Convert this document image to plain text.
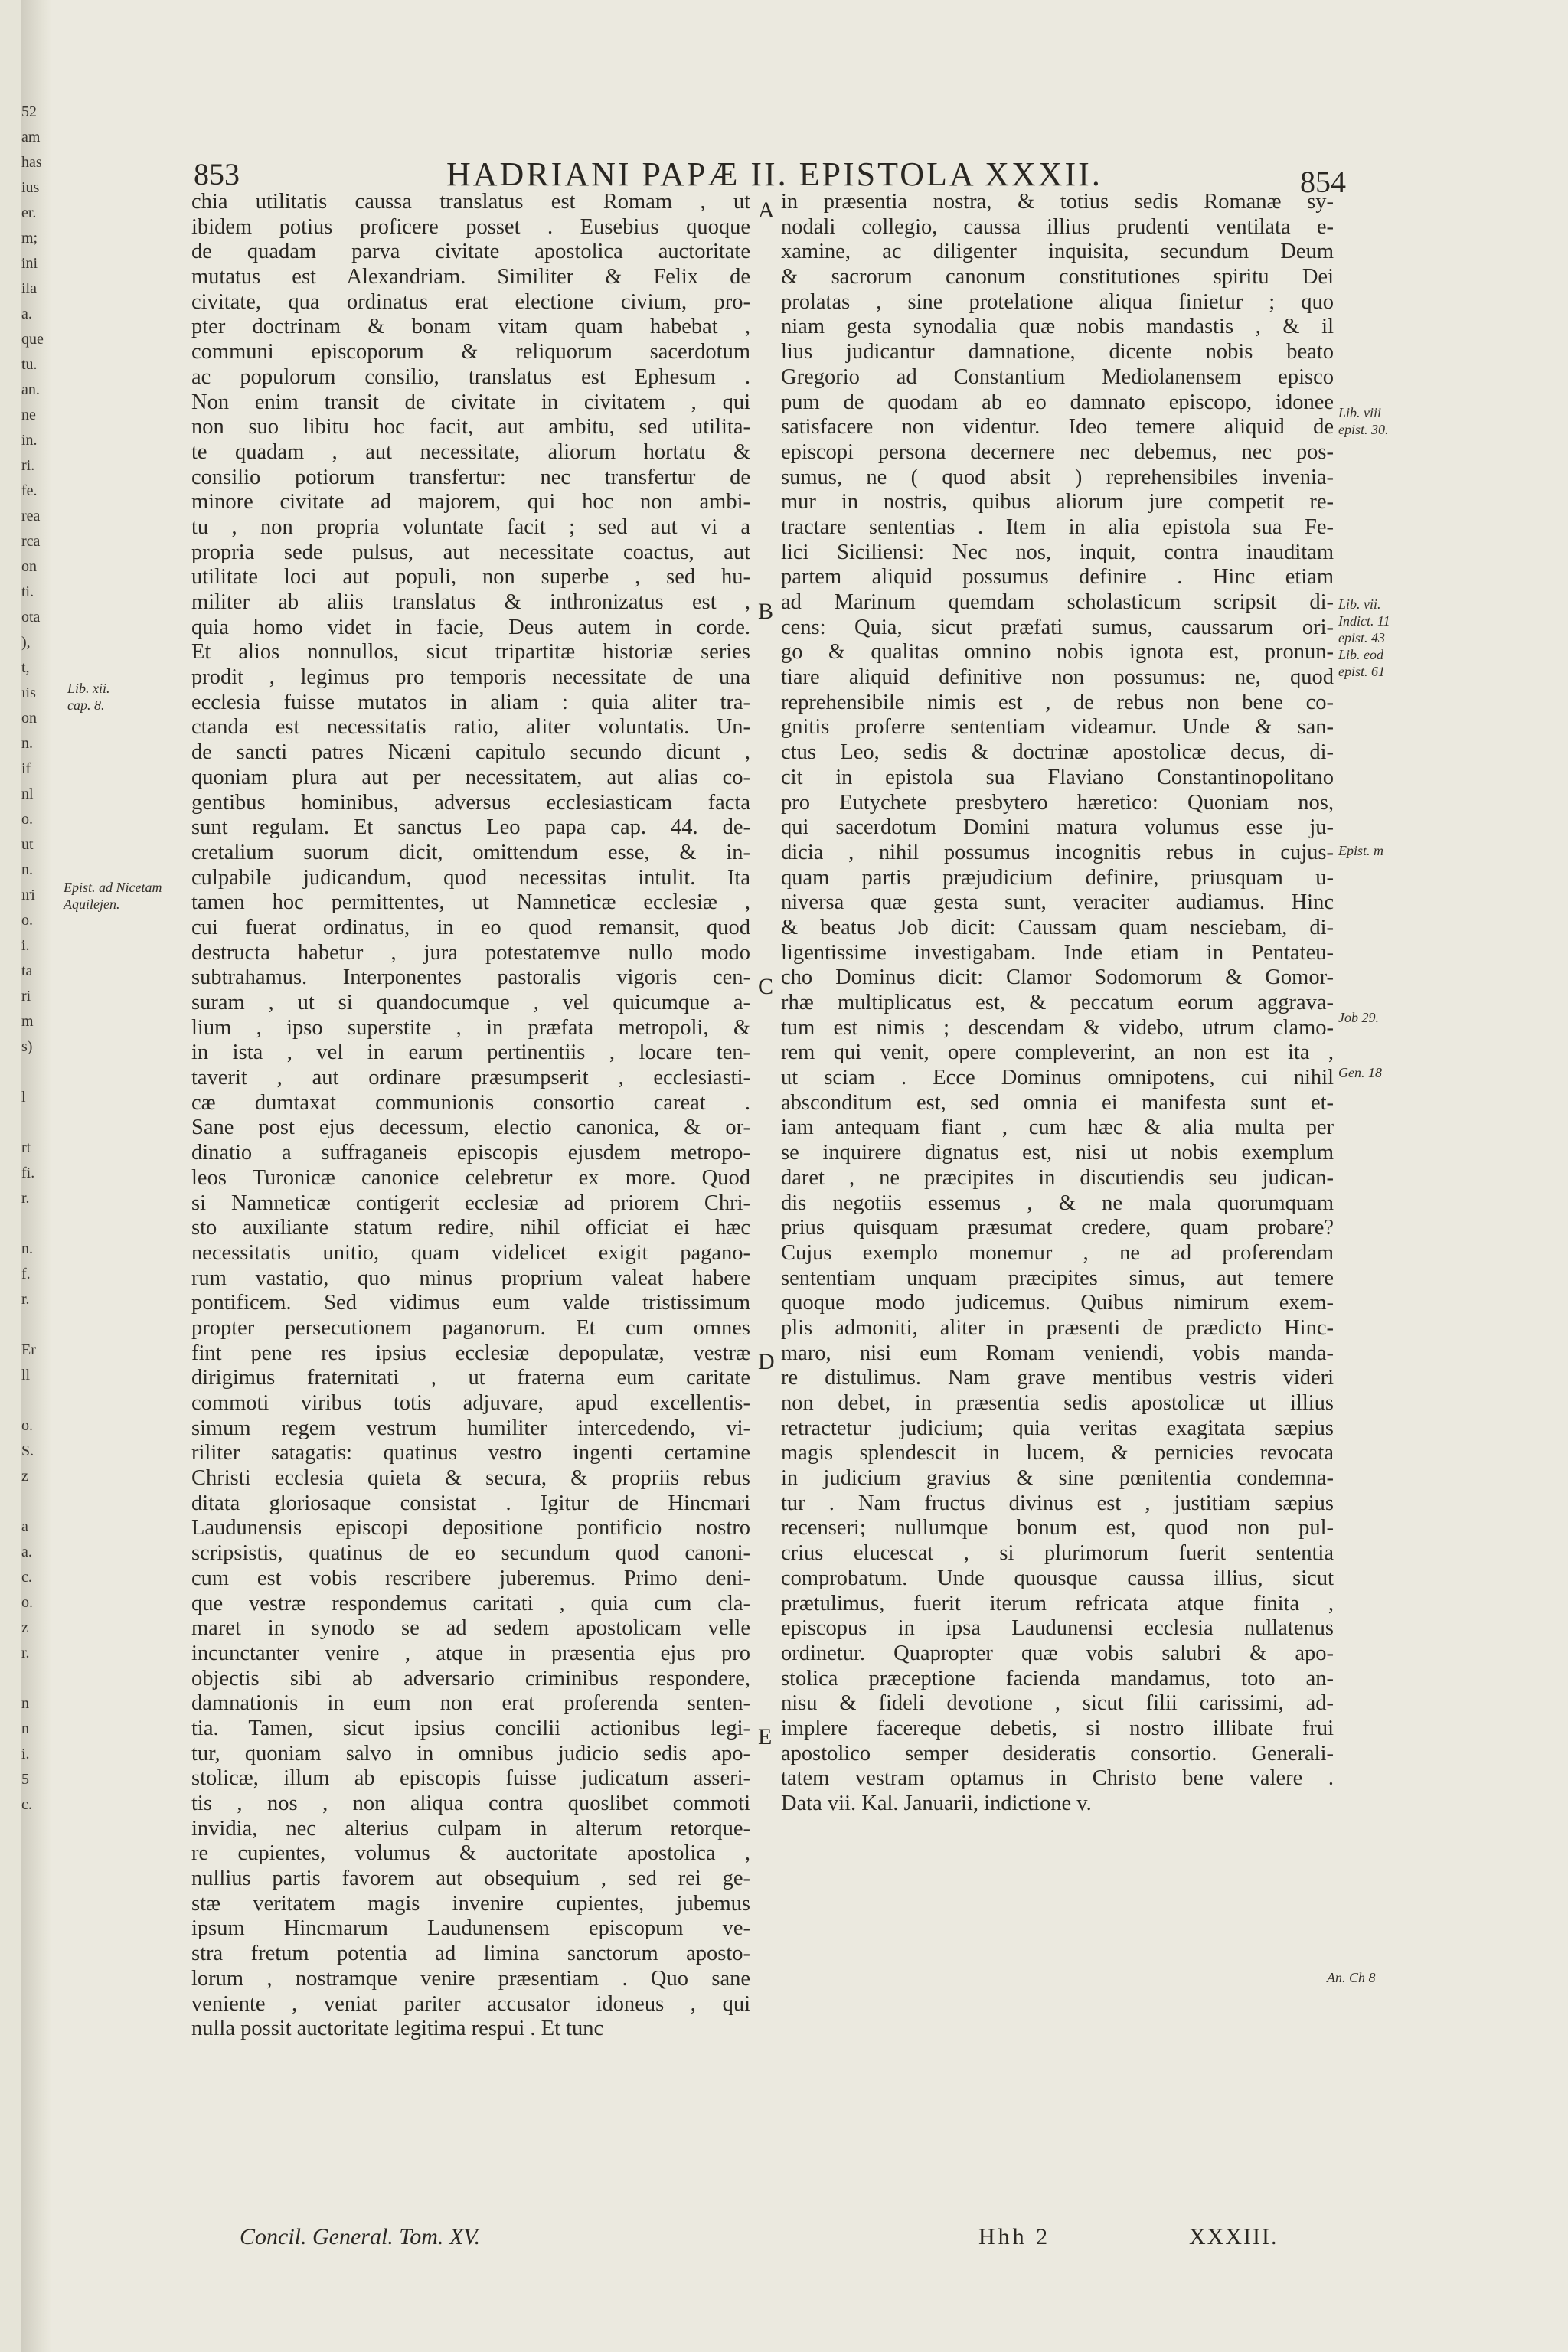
52
am
has
ius
er.
m;
ini
ila
a.
que
tu.
an.
ne
in.
ri.
fe.
rea
rca
on
ti.
ota
),
t,
ıis
on
n.
if
nl
o.
ut
n.
ıri
o.
i.
ta
ri
m
s)
l
rt
fi.
r.
n.
f.
r.
Er
ll
o.
S.
z
a
a.
c.
o.
z
r.
n
n
i.
5
c.
853	HADRIANI PAPÆ II. EPISTOLA XXXII.	854
chia utilitatis caussa translatus est Romam , ut
ibidem potius proficere posset . Eusebius quoque
de quadam parva civitate apostolica auctoritate
mutatus est Alexandriam. Similiter & Felix de
civitate, qua ordinatus erat electione civium, pro-
pter doctrinam & bonam vitam quam habebat ,
communi episcoporum & reliquorum sacerdotum
ac populorum consilio, translatus est Ephesum .
Non enim transit de civitate in civitatem , qui
non suo libitu hoc facit, aut ambitu, sed utilita-
te quadam , aut necessitate, aliorum hortatu &
consilio potiorum transfertur: nec transfertur de
minore civitate ad majorem, qui hoc non ambi-
tu , non propria voluntate facit ; sed aut vi a
propria sede pulsus, aut necessitate coactus, aut
utilitate loci aut populi, non superbe , sed hu-
militer ab aliis translatus & inthronizatus est ,
quia homo videt in facie, Deus autem in corde.
Et alios nonnullos, sicut tripartitæ historiæ series
prodit , legimus pro temporis necessitate de una
ecclesia fuisse mutatos in aliam : quia aliter tra-
ctanda est necessitatis ratio, aliter voluntatis. Un-
de sancti patres Nicæni capitulo secundo dicunt ,
quoniam plura aut per necessitatem, aut alias co-
gentibus hominibus, adversus ecclesiasticam facta
sunt regulam. Et sanctus Leo papa cap. 44. de-
cretalium suorum dicit, omittendum esse, & in-
culpabile judicandum, quod necessitas intulit. Ita
tamen hoc permittentes, ut Namneticæ ecclesiæ ,
cui fuerat ordinatus, in eo quod remansit, quod
destructa habetur , jura potestatemve nullo modo
subtrahamus. Interponentes pastoralis vigoris cen-
suram , ut si quandocumque , vel quicumque a-
lium , ipso superstite , in præfata metropoli, &
in ista , vel in earum pertinentiis , locare ten-
taverit , aut ordinare præsumpserit , ecclesiasti-
cæ dumtaxat communionis consortio careat .
Sane post ejus decessum, electio canonica, & or-
dinatio a suffraganeis episcopis ejusdem metropo-
leos Turonicæ canonice celebretur ex more. Quod
si Namneticæ contigerit ecclesiæ ad priorem Chri-
sto auxiliante statum redire, nihil officiat ei hæc
necessitatis unitio, quam videlicet exigit pagano-
rum vastatio, quo minus proprium valeat habere
pontificem. Sed vidimus eum valde tristissimum
propter persecutionem paganorum. Et cum omnes
fint pene res ipsius ecclesiæ depopulatæ, vestræ
dirigimus fraternitati , ut fraterna eum caritate
commoti viribus totis adjuvare, apud excellentis-
simum regem vestrum humiliter intercedendo, vi-
riliter satagatis: quatinus vestro ingenti certamine
Christi ecclesia quieta & secura, & propriis rebus
ditata gloriosaque consistat . Igitur de Hincmari
Laudunensis episcopi depositione pontificio nostro
scripsistis, quatinus de eo secundum quod canoni-
cum est vobis rescribere juberemus. Primo deni-
que vestræ respondemus caritati , quia cum cla-
maret in synodo se ad sedem apostolicam velle
incunctanter venire , atque in præsentia ejus pro
objectis sibi ab adversario criminibus respondere,
damnationis in eum non erat proferenda senten-
tia. Tamen, sicut ipsius concilii actionibus legi-
tur, quoniam salvo in omnibus judicio sedis apo-
stolicæ, illum ab episcopis fuisse judicatum asseri-
tis , nos , non aliqua contra quoslibet commoti
invidia, nec alterius culpam in alterum retorque-
re cupientes, volumus & auctoritate apostolica ,
nullius partis favorem aut obsequium , sed rei ge-
stæ veritatem magis invenire cupientes, jubemus
ipsum Hincmarum Laudunensem episcopum ve-
stra fretum potentia ad limina sanctorum aposto-
lorum , nostramque venire præsentiam . Quo sane
veniente , veniat pariter accusator idoneus , qui
nulla possit auctoritate legitima respui . Et tunc
in præsentia nostra, & totius sedis Romanæ sy-
nodali collegio, caussa illius prudenti ventilata e-
xamine, ac diligenter inquisita, secundum Deum
& sacrorum canonum constitutiones spiritu Dei
prolatas , sine protelatione aliqua finietur ; quo
niam gesta synodalia quæ nobis mandastis , & il
lius judicantur damnatione, dicente nobis beato
Gregorio ad Constantium Mediolanensem episco
pum de quodam ab eo damnato episcopo, idonee
satisfacere non videntur. Ideo temere aliquid de
episcopi persona decernere nec debemus, nec pos-
sumus, ne ( quod absit ) reprehensibiles invenia-
mur in nostris, quibus aliorum jure competit re-
tractare sententias . Item in alia epistola sua Fe-
lici Siciliensi: Nec nos, inquit, contra inauditam
partem aliquid possumus definire . Hinc etiam
ad Marinum quemdam scholasticum scripsit di-
cens: Quia, sicut præfati sumus, caussarum ori-
go & qualitas omnino nobis ignota est, pronun-
tiare aliquid definitive non possumus: ne, quod
reprehensibile nimis est , de rebus non bene co-
gnitis proferre sententiam videamur. Unde & san-
ctus Leo, sedis & doctrinæ apostolicæ decus, di-
cit in epistola sua Flaviano Constantinopolitano
pro Eutychete presbytero hæretico: Quoniam nos,
qui sacerdotum Domini matura volumus esse ju-
dicia , nihil possumus incognitis rebus in cujus-
quam partis præjudicium definire, priusquam u-
niversa quæ gesta sunt, veraciter audiamus. Hinc
& beatus Job dicit: Caussam quam nesciebam, di-
ligentissime investigabam. Inde etiam in Pentateu-
cho Dominus dicit: Clamor Sodomorum & Gomor-
rhæ multiplicatus est, & peccatum eorum aggrava-
tum est nimis ; descendam & videbo, utrum clamo-
rem qui venit, opere compleverint, an non est ita ,
ut sciam . Ecce Dominus omnipotens, cui nihil
absconditum est, sed omnia ei manifesta sunt et-
iam antequam fiant , cum hæc & alia multa per
se inquirere dignatus est, nisi ut nobis exemplum
daret , ne præcipites in discutiendis seu judican-
dis negotiis essemus , & ne mala quorumquam
prius quisquam præsumat credere, quam probare?
Cujus exemplo monemur , ne ad proferendam
sententiam unquam præcipites simus, aut temere
quoque modo judicemus. Quibus nimirum exem-
plis admoniti, aliter in præsenti de prædicto Hinc-
maro, nisi eum Romam veniendi, vobis manda-
re distulimus. Nam grave mentibus vestris videri
non debet, in præsentia sedis apostolicæ ut illius
retractetur judicium; quia veritas exagitata sæpius
magis splendescit in lucem, & pernicies revocata
in judicium gravius & sine pœnitentia condemna-
tur . Nam fructus divinus est , justitiam sæpius
recenseri; nullumque bonum est, quod non pul-
crius elucescat , si plurimorum fuerit sententia
comprobatum. Unde quousque caussa illius, sicut
prætulimus, fuerit iterum refricata atque finita ,
episcopus in ipsa Laudunensi ecclesia nullatenus
ordinetur. Quapropter quæ vobis salubri & apo-
stolica præceptione facienda mandamus, toto an-
nisu & fideli devotione , sicut filii carissimi, ad-
implere facereque debetis, si nostro illibate frui
apostolico semper desideratis consortio. Generali-
tatem vestram optamus in Christo bene valere .
Data vii. Kal. Januarii, indictione v.
A
B
C
D
E
Lib. viii epist. 30.
Lib. vii. Indict. 11 epist. 43 Lib. eod epist. 61
Lib. xii. cap. 8.
Epist. ad Nicetam Aquilejen.
Epist. m
Job 29.
Gen. 18
An. Ch 8
Concil. General. Tom. XV.	Hhh 2	XXXIII.
